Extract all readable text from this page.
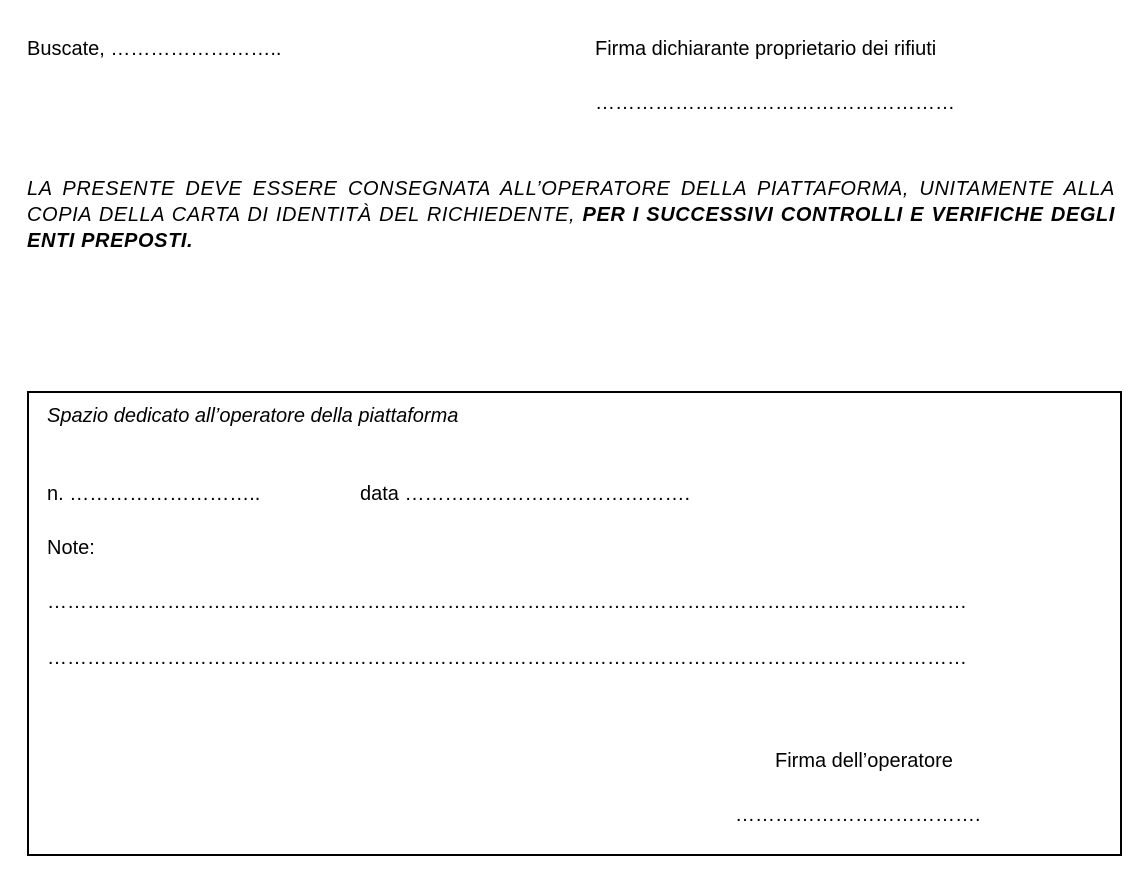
Buscate, ……………………..	Firma dichiarante proprietario dei rifiuti
………………………………………………
LA PRESENTE DEVE ESSERE CONSEGNATA ALL’OPERATORE DELLA PIATTAFORMA, UNITAMENTE ALLA COPIA DELLA CARTA DI IDENTITÀ DEL RICHIEDENTE, PER I SUCCESSIVI CONTROLLI E VERIFICHE DEGLI ENTI PREPOSTI.
Spazio dedicato all’operatore della piattaforma
n. ………………………..	data …………………………………….
Note:
…………………………………………………………………………………………………………………………
…………………………………………………………………………………………………………………………
Firma dell’operatore
……………………………….
